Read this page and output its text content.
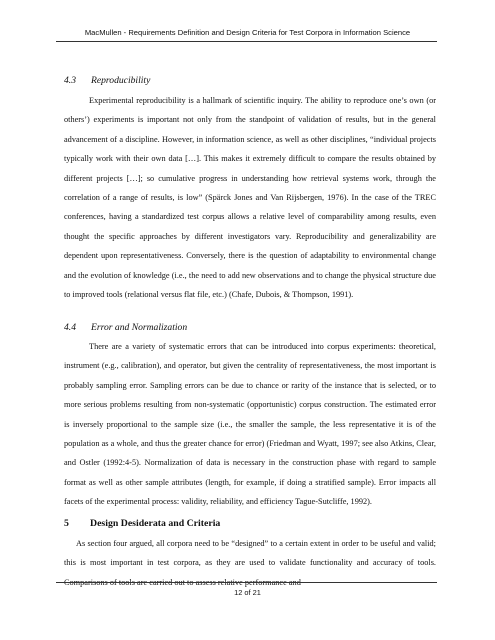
MacMullen - Requirements Definition and Design Criteria for Test Corpora in Information Science
4.3 Reproducibility

Experimental reproducibility is a hallmark of scientific inquiry. The ability to reproduce one’s own (or others’) experiments is important not only from the standpoint of validation of results, but in the general advancement of a discipline. However, in information science, as well as other disciplines, “individual projects typically work with their own data […]. This makes it extremely difficult to compare the results obtained by different projects […]; so cumulative progress in understanding how retrieval systems work, through the correlation of a range of results, is low” (Spärck Jones and Van Rijsbergen, 1976). In the case of the TREC conferences, having a standardized test corpus allows a relative level of comparability among results, even thought the specific approaches by different investigators vary. Reproducibility and generalizability are dependent upon representativeness. Conversely, there is the question of adaptability to environmental change and the evolution of knowledge (i.e., the need to add new observations and to change the physical structure due to improved tools (relational versus flat file, etc.) (Chafe, Dubois, & Thompson, 1991).

4.4 Error and Normalization

There are a variety of systematic errors that can be introduced into corpus experiments: theoretical, instrument (e.g., calibration), and operator, but given the centrality of representativeness, the most important is probably sampling error. Sampling errors can be due to chance or rarity of the instance that is selected, or to more serious problems resulting from non-systematic (opportunistic) corpus construction. The estimated error is inversely proportional to the sample size (i.e., the smaller the sample, the less representative it is of the population as a whole, and thus the greater chance for error) (Friedman and Wyatt, 1997; see also Atkins, Clear, and Ostler (1992:4-5). Normalization of data is necessary in the construction phase with regard to sample format as well as other sample attributes (length, for example, if doing a stratified sample). Error impacts all facets of the experimental process: validity, reliability, and efficiency Tague-Sutcliffe, 1992).

5 Design Desiderata and Criteria

As section four argued, all corpora need to be “designed” to a certain extent in order to be useful and valid; this is most important in test corpora, as they are used to validate functionality and accuracy of tools. Comparisons of tools are carried out to assess relative performance and

12 of 21
